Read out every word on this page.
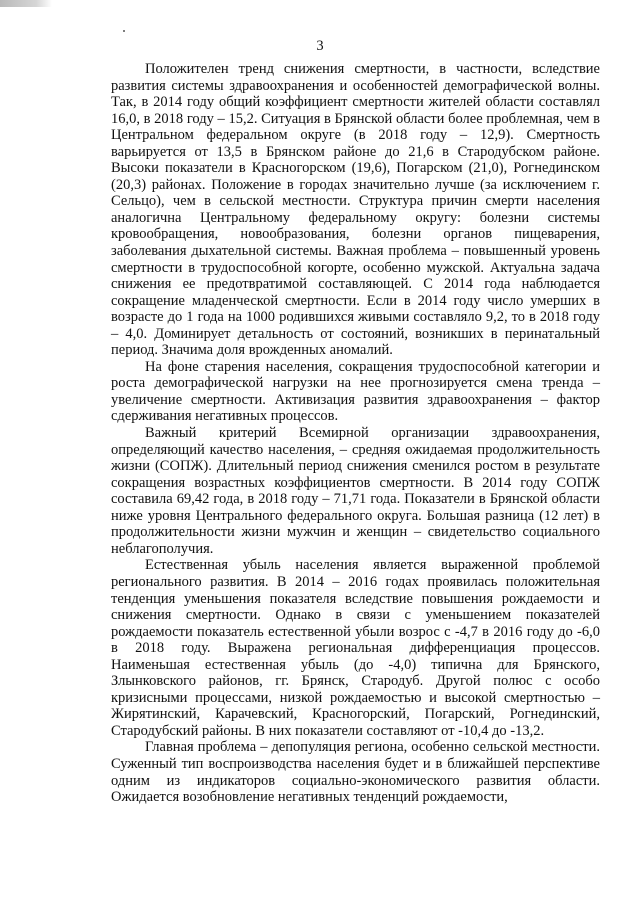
3

Положителен тренд снижения смертности, в частности, вследствие развития системы здравоохранения и особенностей демографической волны. Так, в 2014 году общий коэффициент смертности жителей области составлял 16,0, в 2018 году – 15,2. Ситуация в Брянской области более проблемная, чем в Центральном федеральном округе (в 2018 году – 12,9). Смертность варьируется от 13,5 в Брянском районе до 21,6 в Стародубском районе. Высоки показатели в Красногорском (19,6), Погарском (21,0), Рогнединском (20,3) районах. Положение в городах значительно лучше (за исключением г. Сельцо), чем в сельской местности. Структура причин смерти населения аналогична Центральному федеральному округу: болезни системы кровообращения, новообразования, болезни органов пищеварения, заболевания дыхательной системы. Важная проблема – повышенный уровень смертности в трудоспособной когорте, особенно мужской. Актуальна задача снижения ее предотвратимой составляющей. С 2014 года наблюдается сокращение младенческой смертности. Если в 2014 году число умерших в возрасте до 1 года на 1000 родившихся живыми составляло 9,2, то в 2018 году – 4,0. Доминирует детальность от состояний, возникших в перинатальный период. Значима доля врожденных аномалий.

На фоне старения населения, сокращения трудоспособной категории и роста демографической нагрузки на нее прогнозируется смена тренда – увеличение смертности. Активизация развития здравоохранения – фактор сдерживания негативных процессов.

Важный критерий Всемирной организации здравоохранения, определяющий качество населения, – средняя ожидаемая продолжительность жизни (СОПЖ). Длительный период снижения сменился ростом в результате сокращения возрастных коэффициентов смертности. В 2014 году СОПЖ составила 69,42 года, в 2018 году – 71,71 года. Показатели в Брянской области ниже уровня Центрального федерального округа. Большая разница (12 лет) в продолжительности жизни мужчин и женщин – свидетельство социального неблагополучия.

Естественная убыль населения является выраженной проблемой регионального развития. В 2014 – 2016 годах проявилась положительная тенденция уменьшения показателя вследствие повышения рождаемости и снижения смертности. Однако в связи с уменьшением показателей рождаемости показатель естественной убыли возрос с -4,7 в 2016 году до -6,0 в 2018 году. Выражена региональная дифференциация процессов. Наименьшая естественная убыль (до -4,0) типична для Брянского, Злынковского районов, гг. Брянск, Стародуб. Другой полюс с особо кризисными процессами, низкой рождаемостью и высокой смертностью – Жирятинский, Карачевский, Красногорский, Погарский, Рогнединский, Стародубский районы. В них показатели составляют от -10,4 до -13,2.

Главная проблема – депопуляция региона, особенно сельской местности. Суженный тип воспроизводства населения будет и в ближайшей перспективе одним из индикаторов социально-экономического развития области. Ожидается возобновление негативных тенденций рождаемости,
